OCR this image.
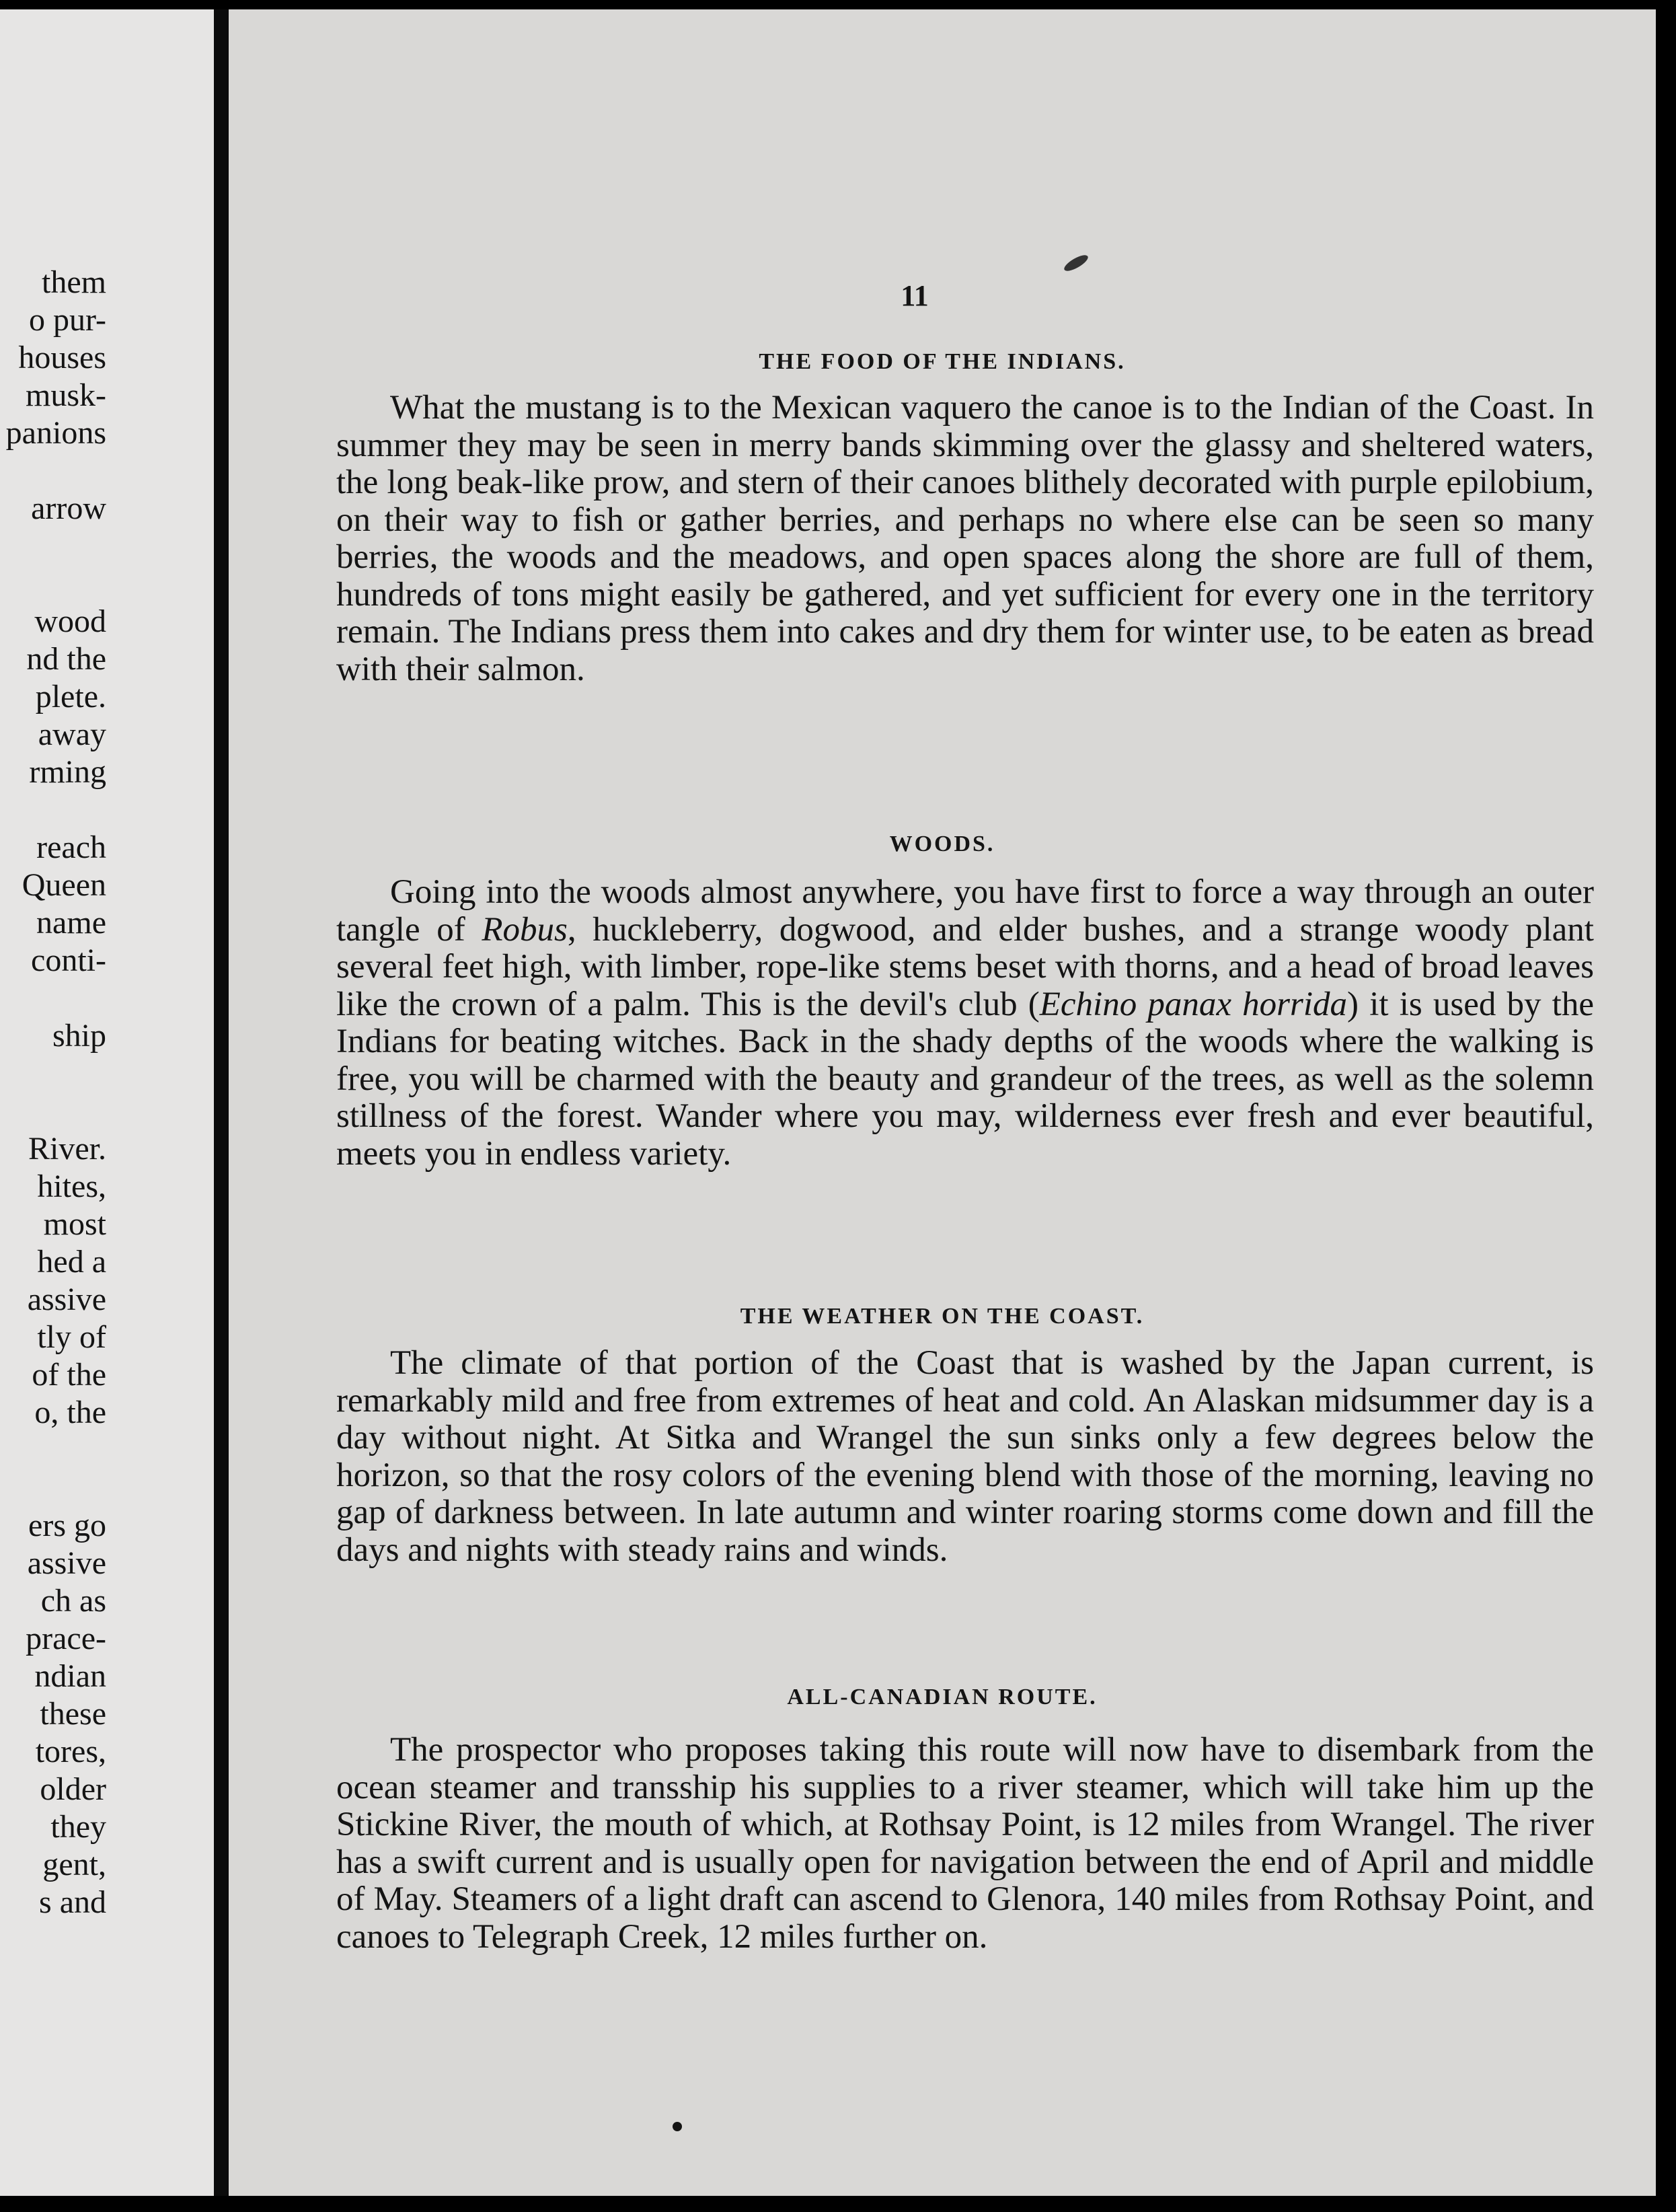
them
o pur-
houses
musk-
panions
arrow
wood
nd the
plete.
away
rming
reach
Queen
name
conti-
ship
River.
hites,
most
hed a
assive
tly of
of the
o, the
ers go
assive
ch as
prace-
ndian
these
tores,
older
they
gent,
s and
11
THE FOOD OF THE INDIANS.
What the mustang is to the Mexican vaquero the canoe is to the Indian of the Coast. In summer they may be seen in merry bands skimming over the glassy and sheltered waters, the long beak-like prow, and stern of their canoes blithely decorated with purple epilobium, on their way to fish or gather berries, and perhaps no where else can be seen so many berries, the woods and the meadows, and open spaces along the shore are full of them, hundreds of tons might easily be gathered, and yet sufficient for every one in the territory remain. The Indians press them into cakes and dry them for winter use, to be eaten as bread with their salmon.
WOODS.
Going into the woods almost anywhere, you have first to force a way through an outer tangle of Robus, huckleberry, dogwood, and elder bushes, and a strange woody plant several feet high, with limber, rope-like stems beset with thorns, and a head of broad leaves like the crown of a palm. This is the devil's club (Echino panax horrida) it is used by the Indians for beating witches. Back in the shady depths of the woods where the walking is free, you will be charmed with the beauty and grandeur of the trees, as well as the solemn stillness of the forest. Wander where you may, wilderness ever fresh and ever beautiful, meets you in endless variety.
THE WEATHER ON THE COAST.
The climate of that portion of the Coast that is washed by the Japan current, is remarkably mild and free from extremes of heat and cold. An Alaskan midsummer day is a day without night. At Sitka and Wrangel the sun sinks only a few degrees below the horizon, so that the rosy colors of the evening blend with those of the morning, leaving no gap of darkness between. In late autumn and winter roaring storms come down and fill the days and nights with steady rains and winds.
ALL-CANADIAN ROUTE.
The prospector who proposes taking this route will now have to disembark from the ocean steamer and transship his supplies to a river steamer, which will take him up the Stickine River, the mouth of which, at Rothsay Point, is 12 miles from Wrangel. The river has a swift current and is usually open for navigation between the end of April and middle of May. Steamers of a light draft can ascend to Glenora, 140 miles from Rothsay Point, and canoes to Telegraph Creek, 12 miles further on.
